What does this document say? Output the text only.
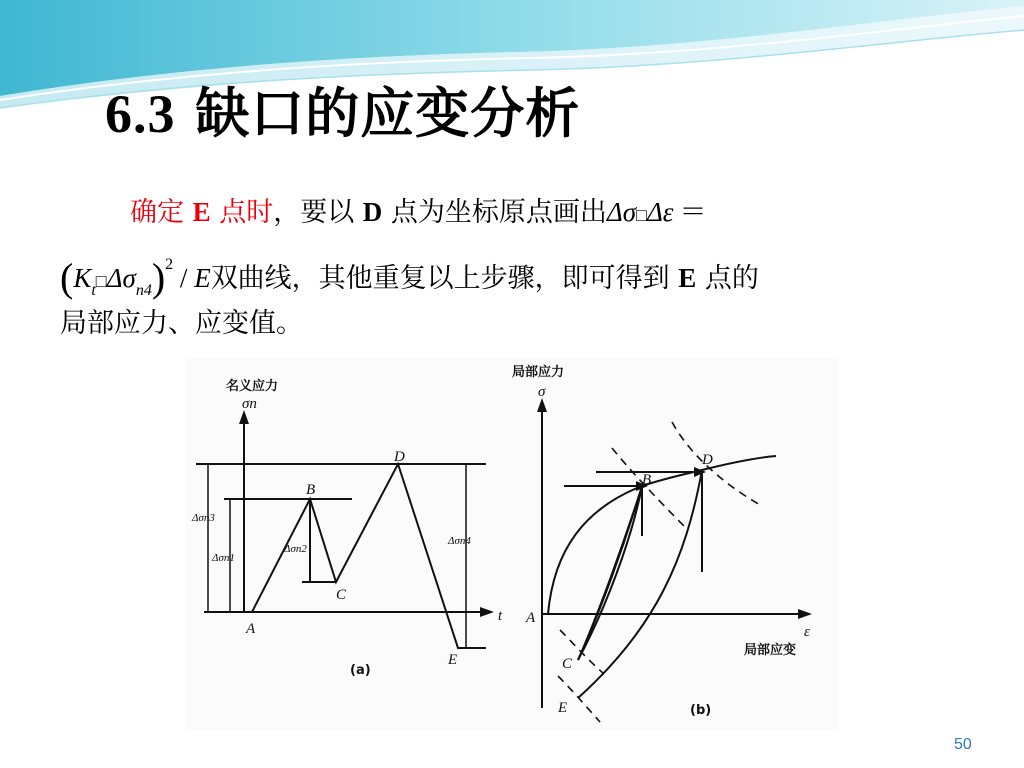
6.3 缺口的应变分析
确定 E 点时，要以 D 点为坐标原点画出Δσ□Δε ＝
$(K_t□\Delta\sigma_{n4})^2$ / E双曲线，其他重复以上步骤，即可得到 E 点的
局部应力、应变值。
名义应力
σn
t
A
B
C
D
E
Δσn3
Δσn1
Δσn2
Δσn4
(a)
局部应力
σ
局部应变
ε
A
B
C
D
E	(b)
50
